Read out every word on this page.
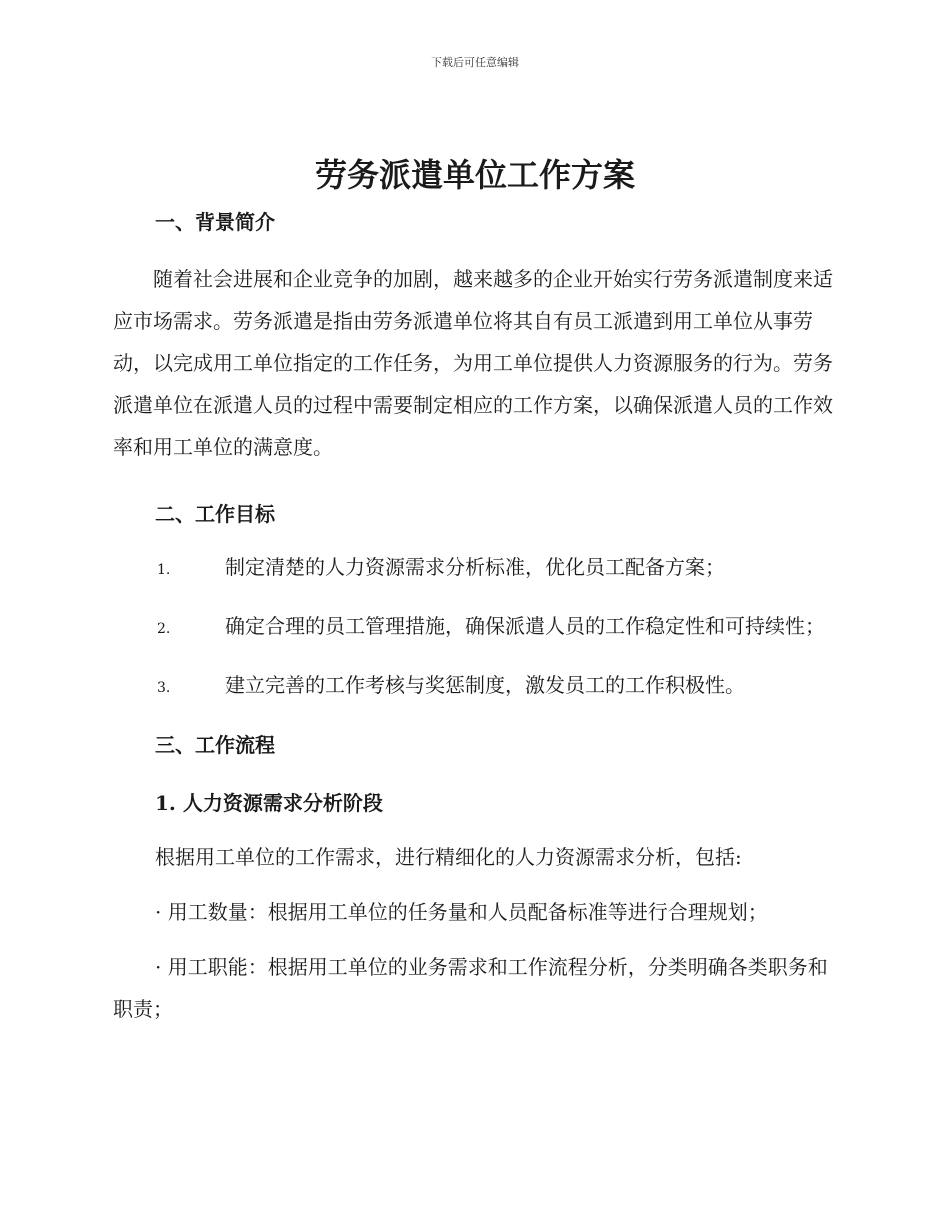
下载后可任意编辑
劳务派遣单位工作方案
一、背景简介

随着社会进展和企业竞争的加剧，越来越多的企业开始实行劳务派遣制度来适应市场需求。劳务派遣是指由劳务派遣单位将其自有员工派遣到用工单位从事劳动，以完成用工单位指定的工作任务，为用工单位提供人力资源服务的行为。劳务派遣单位在派遣人员的过程中需要制定相应的工作方案，以确保派遣人员的工作效率和用工单位的满意度。

二、工作目标

1.	制定清楚的人力资源需求分析标准，优化员工配备方案；

2.	确定合理的员工管理措施，确保派遣人员的工作稳定性和可持续性；

3.	建立完善的工作考核与奖惩制度，激发员工的工作积极性。

三、工作流程
1. 人力资源需求分析阶段

根据用工单位的工作需求，进行精细化的人力资源需求分析，包括:

· 用工数量：根据用工单位的任务量和人员配备标准等进行合理规划；

· 用工职能：根据用工单位的业务需求和工作流程分析，分类明确各类职务和职责；
